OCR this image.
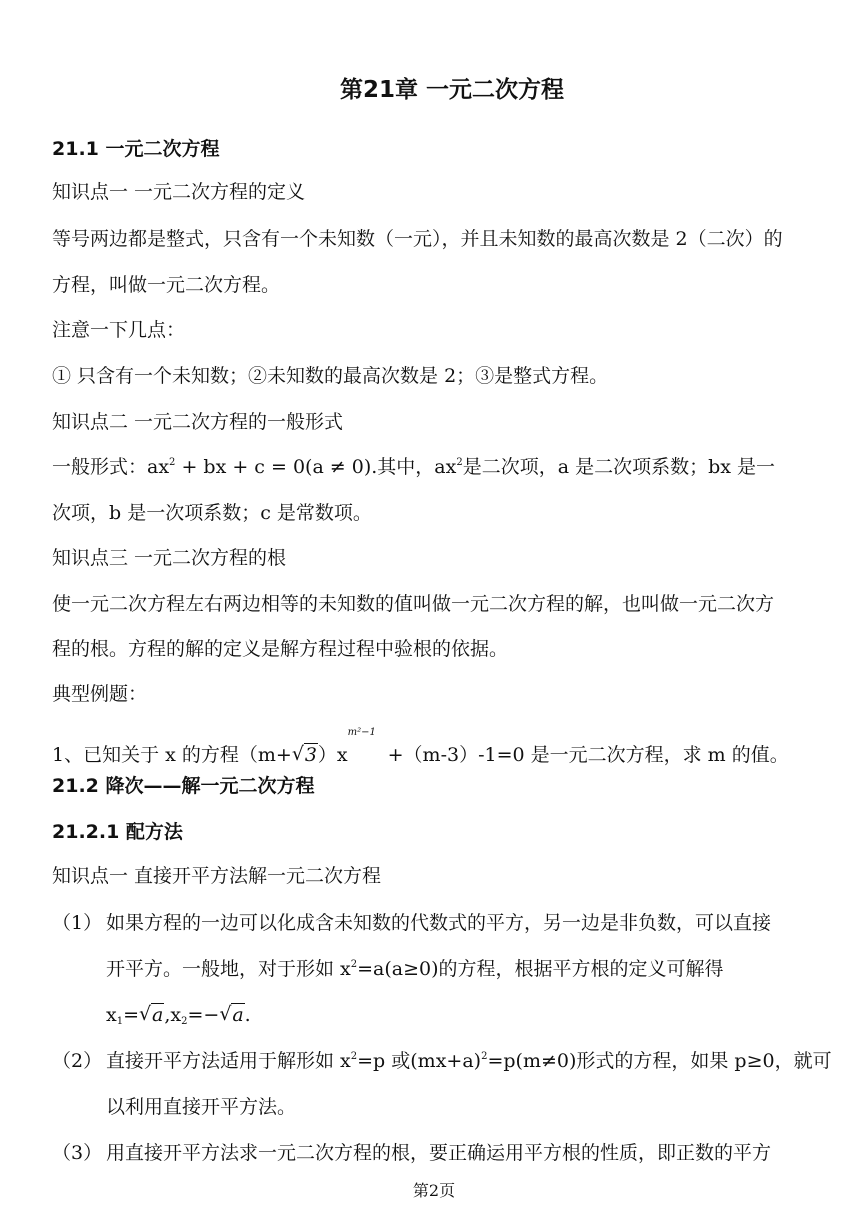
第21章 一元二次方程
21.1 一元二次方程
知识点一 一元二次方程的定义
等号两边都是整式，只含有一个未知数（一元），并且未知数的最高次数是 2（二次）的
方程，叫做一元二次方程。
注意一下几点：
① 只含有一个未知数；②未知数的最高次数是 2；③是整式方程。
知识点二 一元二次方程的一般形式
一般形式：$ax^2$ + bx + c = 0(a ≠ 0).其中，$ax^2$是二次项，a 是二次项系数；bx 是一
次项，b 是一次项系数；c 是常数项。
知识点三 一元二次方程的根
使一元二次方程左右两边相等的未知数的值叫做一元二次方程的解，也叫做一元二次方
程的根。方程的解的定义是解方程过程中验根的依据。
典型例题：
1、已知关于 x 的方程（m+√ 3）x
m²−1
+（m-3）-1=0 是一元二次方程，求 m 的值。
21.2 降次——解一元二次方程
21.2.1 配方法
知识点一 直接开平方法解一元二次方程
（1） 如果方程的一边可以化成含未知数的代数式的平方，另一边是非负数，可以直接
开平方。一般地，对于形如 $x^2=a(a\ge 0)$的方程，根据平方根的定义可解得
$x_1=√$ $a,x_2=-√$ a.
（2） 直接开平方法适用于解形如 $x^2=p$ 或$(mx+a)^2=p(m\ne 0)$形式的方程，如果 p≥0，就可
以利用直接开平方法。
（3） 用直接开平方法求一元二次方程的根，要正确运用平方根的性质，即正数的平方
第2页
